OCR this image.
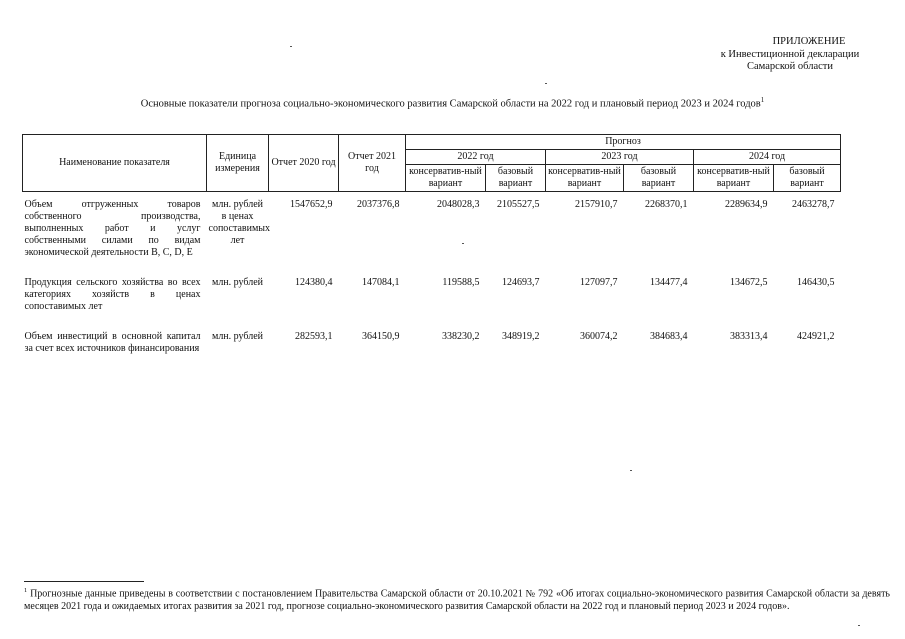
ПРИЛОЖЕНИЕ
к Инвестиционной декларации
Самарской области
Основные показатели прогноза социально-экономического развития Самарской области на 2022 год и плановый период 2023 и 2024 годов$^1$
Наименование показателя	Единица измерения	Отчет 2020 год	Отчет 2021 год	Прогноз					
				2022 год		2023 год		2024 год	
				консерватив-ный вариант	базовый вариант	консерватив-ный вариант	базовый вариант	консерватив-ный вариант	базовый вариант
Объем отгруженных товаров собственного производства, выполненных работ и услуг собственными силами по видам экономической деятельности B, C, D, E	млн. рублей в ценах сопоставимых лет	1547652,9	2037376,8	2048028,3	2105527,5	2157910,7	2268370,1	2289634,9	2463278,7
Продукция сельского хозяйства во всех категориях хозяйств в ценах сопоставимых лет	млн. рублей	124380,4	147084,1	119588,5	124693,7	127097,7	134477,4	134672,5	146430,5
Объем инвестиций в основной капитал за счет всех источников финансирования	млн. рублей	282593,1	364150,9	338230,2	348919,2	360074,2	384683,4	383313,4	424921,2
$^1$ Прогнозные данные приведены в соответствии с постановлением Правительства Самарской области от 20.10.2021 № 792 «Об итогах социально-экономического развития Самарской области за девять месяцев 2021 года и ожидаемых итогах развития за 2021 год, прогнозе социально-экономического развития Самарской области на 2022 год и плановый период 2023 и 2024 годов».
